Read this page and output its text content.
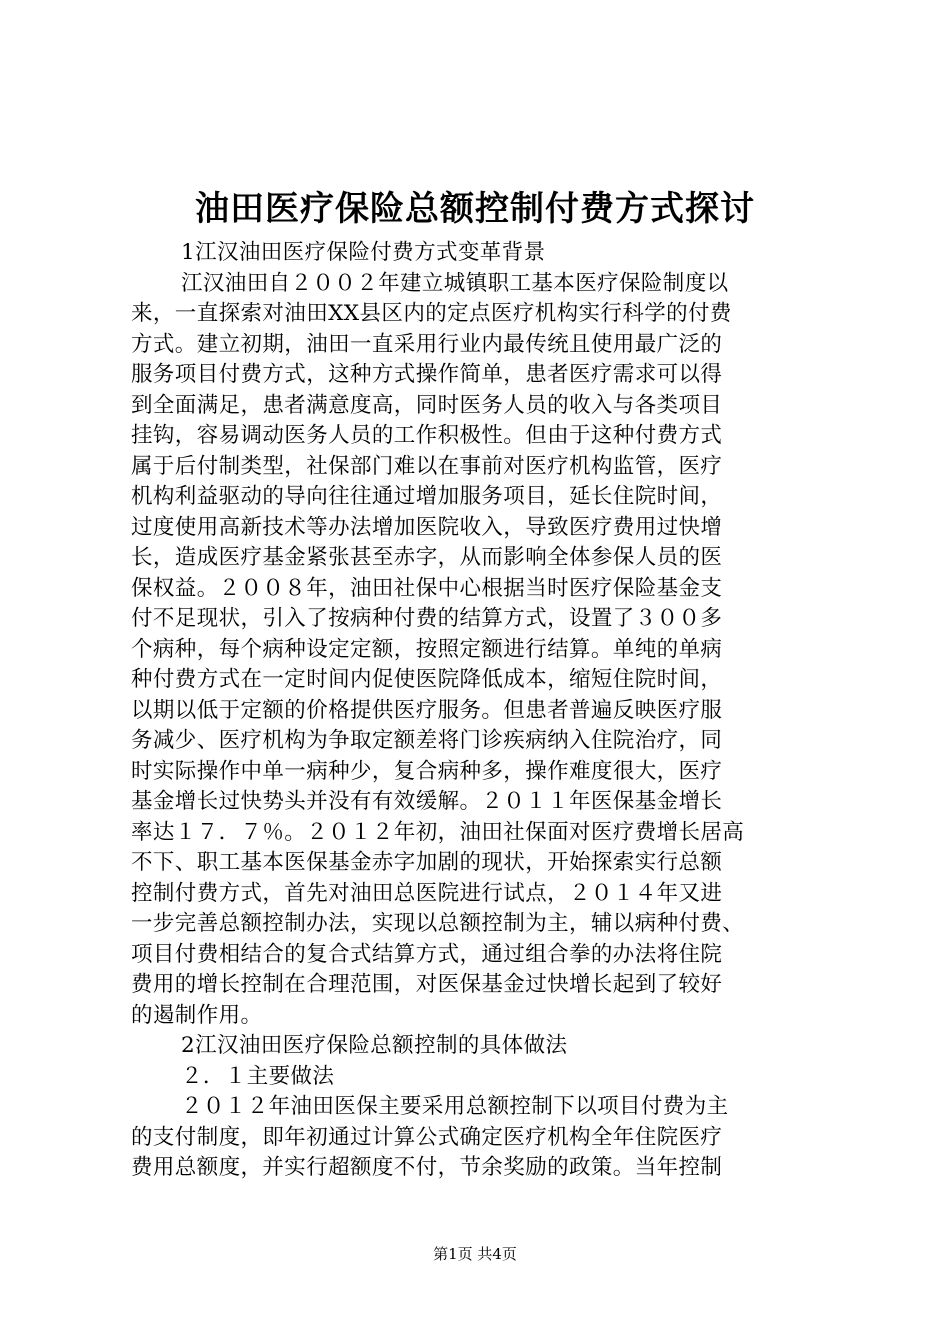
油田医疗保险总额控制付费方式探讨
1江汉油田医疗保险付费方式变革背景
江汉油田自２００２年建立城镇职工基本医疗保险制度以
来，一直探索对油田XX县区内的定点医疗机构实行科学的付费
方式。建立初期，油田一直采用行业内最传统且使用最广泛的
服务项目付费方式，这种方式操作简单，患者医疗需求可以得
到全面满足，患者满意度高，同时医务人员的收入与各类项目
挂钩，容易调动医务人员的工作积极性。但由于这种付费方式
属于后付制类型，社保部门难以在事前对医疗机构监管，医疗
机构利益驱动的导向往往通过增加服务项目，延长住院时间，
过度使用高新技术等办法增加医院收入，导致医疗费用过快增
长，造成医疗基金紧张甚至赤字，从而影响全体参保人员的医
保权益。２００８年，油田社保中心根据当时医疗保险基金支
付不足现状，引入了按病种付费的结算方式，设置了３００多
个病种，每个病种设定定额，按照定额进行结算。单纯的单病
种付费方式在一定时间内促使医院降低成本，缩短住院时间，
以期以低于定额的价格提供医疗服务。但患者普遍反映医疗服
务减少、医疗机构为争取定额差将门诊疾病纳入住院治疗，同
时实际操作中单一病种少，复合病种多，操作难度很大，医疗
基金增长过快势头并没有有效缓解。２０１１年医保基金增长
率达１７．７％。２０１２年初，油田社保面对医疗费增长居高
不下、职工基本医保基金赤字加剧的现状，开始探索实行总额
控制付费方式，首先对油田总医院进行试点，２０１４年又进
一步完善总额控制办法，实现以总额控制为主，辅以病种付费、
项目付费相结合的复合式结算方式，通过组合拳的办法将住院
费用的增长控制在合理范围，对医保基金过快增长起到了较好
的遏制作用。
2江汉油田医疗保险总额控制的具体做法
２．１主要做法
２０１２年油田医保主要采用总额控制下以项目付费为主
的支付制度，即年初通过计算公式确定医疗机构全年住院医疗
费用总额度，并实行超额度不付，节余奖励的政策。当年控制
第1页 共4页
